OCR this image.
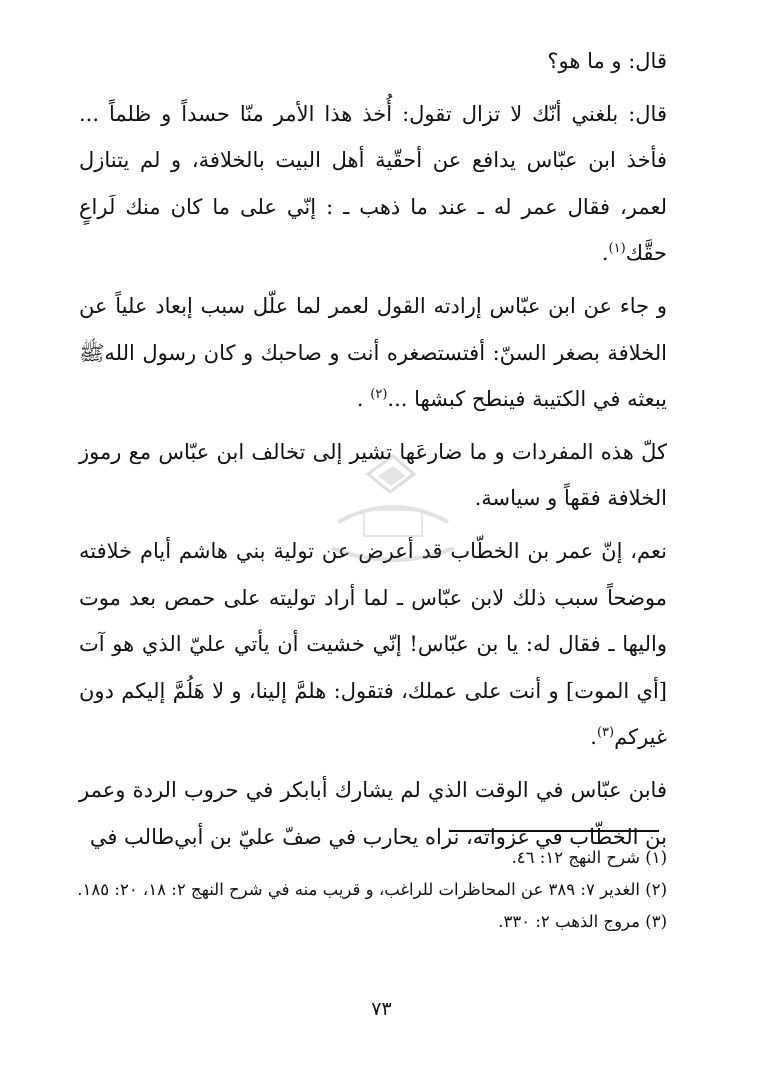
قال: و ما هو؟

قال: بلغني أنّك لا تزال تقول: أُخذ هذا الأمر منّا حسداً و ظلماً ... فأخذ ابن عبّاس يدافع عن أحقّية أهل البيت بالخلافة، و لم يتنازل لعمر، فقال عمر له ـ عند ما ذهب ـ : إنّي على ما كان منك لَراعٍ حقَّك$^{(١)}$.

و جاء عن ابن عبّاس إرادته القول لعمر لما علّل سبب إبعاد علياً عن الخلافة بصغر السنّ: أفتستصغره أنت و صاحبك و كان رسول اللهﷺ يبعثه في الكتيبة فينطح كبشها ...$^{(٢)}$ .

كلّ هذه المفردات و ما ضارعَها تشير إلى تخالف ابن عبّاس مع رموز الخلافة فقهاً و سياسة.

نعم، إنّ عمر بن الخطّاب قد أعرض عن تولية بني هاشم أيام خلافته موضحاً سبب ذلك لابن عبّاس ـ لما أراد توليته على حمص بعد موت واليها ـ فقال له: يا بن عبّاس! إنّي خشيت أن يأتي عليّ الذي هو آت [أي الموت] و أنت على عملك، فتقول: هلمَّ إلينا، و لا هَلُمَّ إليكم دون غيركم$^{(٣)}$.

فابن عبّاس في الوقت الذي لم يشارك أبابكر في حروب الردة وعمر بن الخطّاب في غزواته، نراه يحارب في صفّ عليّ بن أبي‌طالب في

(١) شرح النهج ١٢: ٤٦.

(٢) الغدير ٧: ٣٨٩ عن المحاظرات للراغب، و قريب منه في شرح النهج ٢: ١٨، ٢٠: ١٨٥.

(٣) مروج الذهب ٢: ٣٣٠.

٧٣
